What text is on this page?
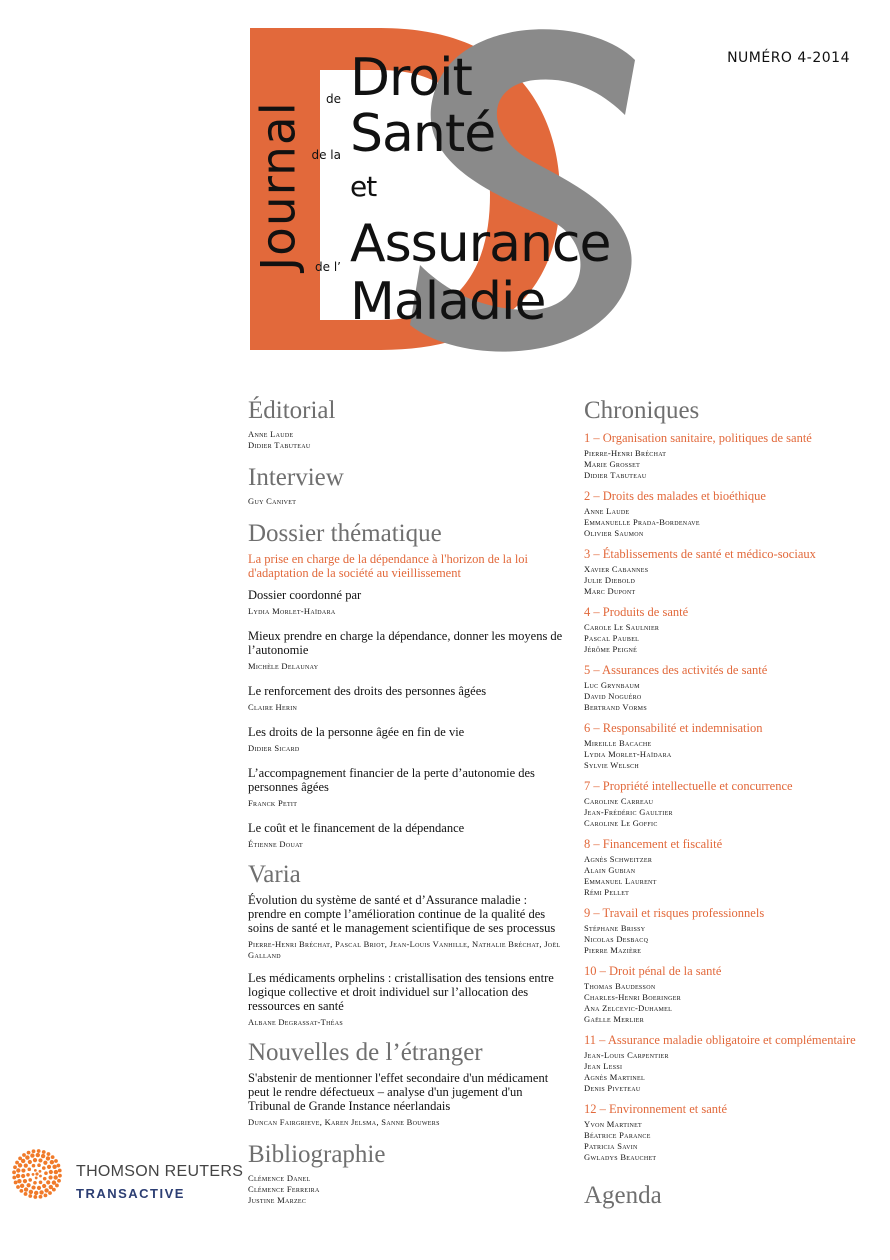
Journal
de
de la
de l’
Droit
Santé
et
Assurance
Maladie
NUMÉRO 4-2014
Éditorial
Anne Laude
Didier Tabuteau
Interview
Guy Canivet
Dossier thématique
La prise en charge de la dépendance à l'horizon de la loi d'adaptation de la société au vieillissement
Dossier coordonné par
Lydia Morlet-Haïdara
Mieux prendre en charge la dépendance, donner les moyens de l’autonomie
Michèle Delaunay
Le renforcement des droits des personnes âgées
Claire Herin
Les droits de la personne âgée en fin de vie
Didier Sicard
L’accompagnement financier de la perte d’autonomie des personnes âgées
Franck Petit
Le coût et le financement de la dépendance
Étienne Douat
Varia
Évolution du système de santé et d’Assurance maladie : prendre en compte l’amélioration continue de la qualité des soins de santé et le management scientifique de ses processus
Pierre-Henri Bréchat, Pascal Briot, Jean-Louis Vanhille, Nathalie Bréchat, Joël Galland
Les médicaments orphelins : cristallisation des tensions entre logique collective et droit individuel sur l’allocation des ressources en santé
Albane Degrassat-Théas
Nouvelles de l’étranger
S'abstenir de mentionner l'effet secondaire d'un médicament peut le rendre défectueux – analyse d'un jugement d'un Tribunal de Grande Instance néerlandais
Duncan Fairgrieve, Karen Jelsma, Sanne Bouwers
Bibliographie
Clémence Danel
Clémence Ferreira
Justine Marzec
Chroniques
1 – Organisation sanitaire, politiques de santé
Pierre-Henri Bréchat
Marie Grosset
Didier Tabuteau
2 – Droits des malades et bioéthique
Anne Laude
Emmanuelle Prada-Bordenave
Olivier Saumon
3 – Établissements de santé et médico-sociaux
Xavier Cabannes
Julie Diebold
Marc Dupont
4 – Produits de santé
Carole Le Saulnier
Pascal Paubel
Jérôme Peigné
5 – Assurances des activités de santé
Luc Grynbaum
David Noguéro
Bertrand Vorms
6 – Responsabilité et indemnisation
Mireille Bacache
Lydia Morlet-Haïdara
Sylvie Welsch
7 – Propriété intellectuelle et concurrence
Caroline Carreau
Jean-Frédéric Gaultier
Caroline Le Goffic
8 – Financement et fiscalité
Agnès Schweitzer
Alain Gubian
Emmanuel Laurent
Rémi Pellet
9 – Travail et risques professionnels
Stéphane Brissy
Nicolas Desbacq
Pierre Mazière
10 – Droit pénal de la santé
Thomas Baudesson
Charles-Henri Boeringer
Ana Zelcevic-Duhamel
Gaëlle Merlier
11 – Assurance maladie obligatoire et complémentaire
Jean-Louis Carpentier
Jean Lessi
Agnès Martinel
Denis Piveteau
12 – Environnement et santé
Yvon Martinet
Béatrice Parance
Patricia Savin
Gwladys Beauchet
Agenda
THOMSON REUTERS
TRANSACTIVE
